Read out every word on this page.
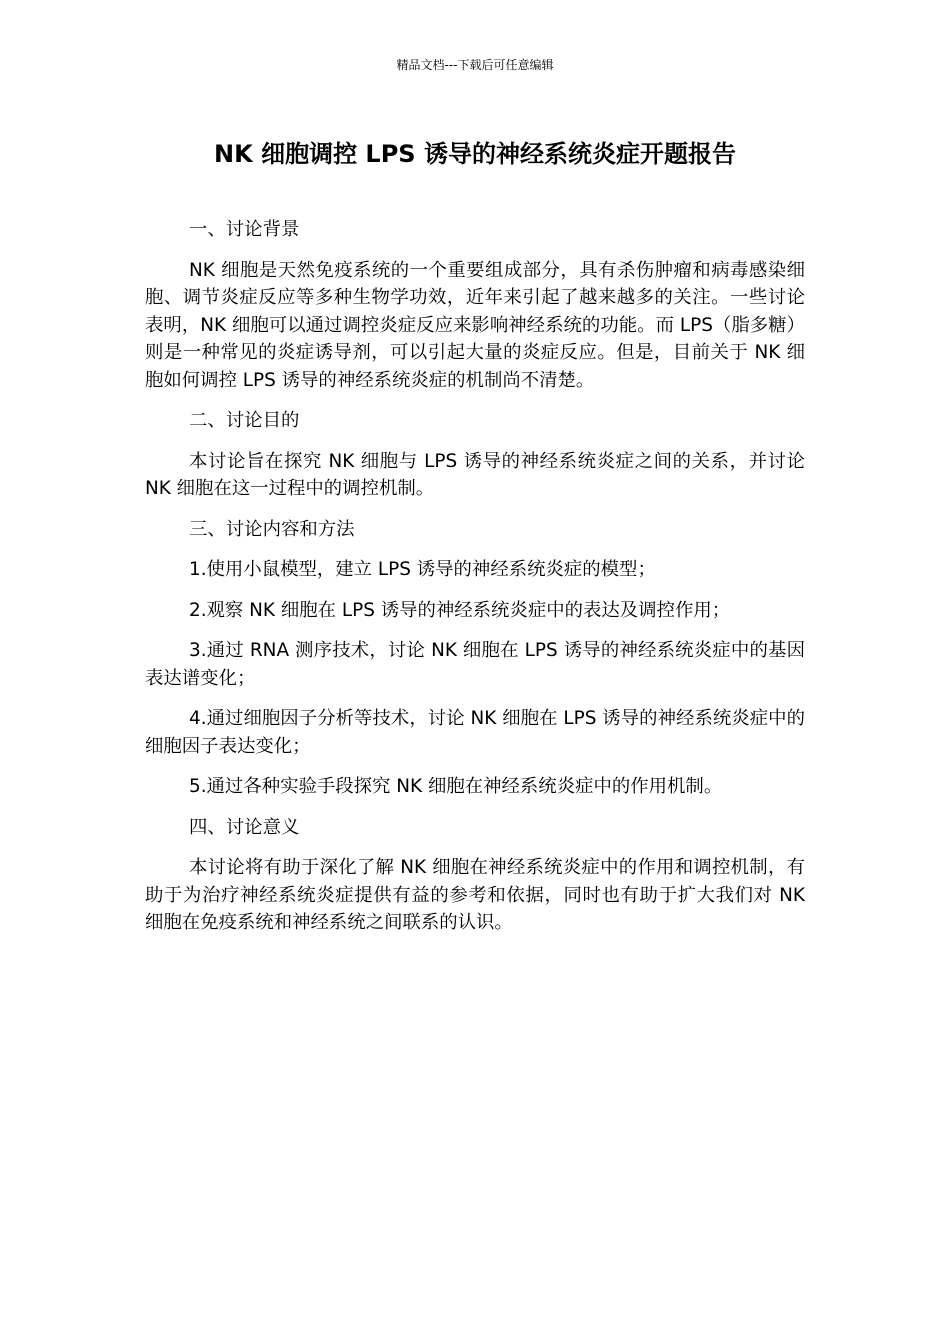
精品文档---下载后可任意编辑
NK 细胞调控 LPS 诱导的神经系统炎症开题报告

一、讨论背景

NK 细胞是天然免疫系统的一个重要组成部分，具有杀伤肿瘤和病毒感染细胞、调节炎症反应等多种生物学功效，近年来引起了越来越多的关注。一些讨论表明，NK 细胞可以通过调控炎症反应来影响神经系统的功能。而 LPS（脂多糖）则是一种常见的炎症诱导剂，可以引起大量的炎症反应。但是，目前关于 NK 细胞如何调控 LPS 诱导的神经系统炎症的机制尚不清楚。

二、讨论目的

本讨论旨在探究 NK 细胞与 LPS 诱导的神经系统炎症之间的关系，并讨论 NK 细胞在这一过程中的调控机制。

三、讨论内容和方法

1.使用小鼠模型，建立 LPS 诱导的神经系统炎症的模型；

2.观察 NK 细胞在 LPS 诱导的神经系统炎症中的表达及调控作用；

3.通过 RNA 测序技术，讨论 NK 细胞在 LPS 诱导的神经系统炎症中的基因表达谱变化；

4.通过细胞因子分析等技术，讨论 NK 细胞在 LPS 诱导的神经系统炎症中的细胞因子表达变化；

5.通过各种实验手段探究 NK 细胞在神经系统炎症中的作用机制。

四、讨论意义

本讨论将有助于深化了解 NK 细胞在神经系统炎症中的作用和调控机制，有助于为治疗神经系统炎症提供有益的参考和依据，同时也有助于扩大我们对 NK 细胞在免疫系统和神经系统之间联系的认识。
